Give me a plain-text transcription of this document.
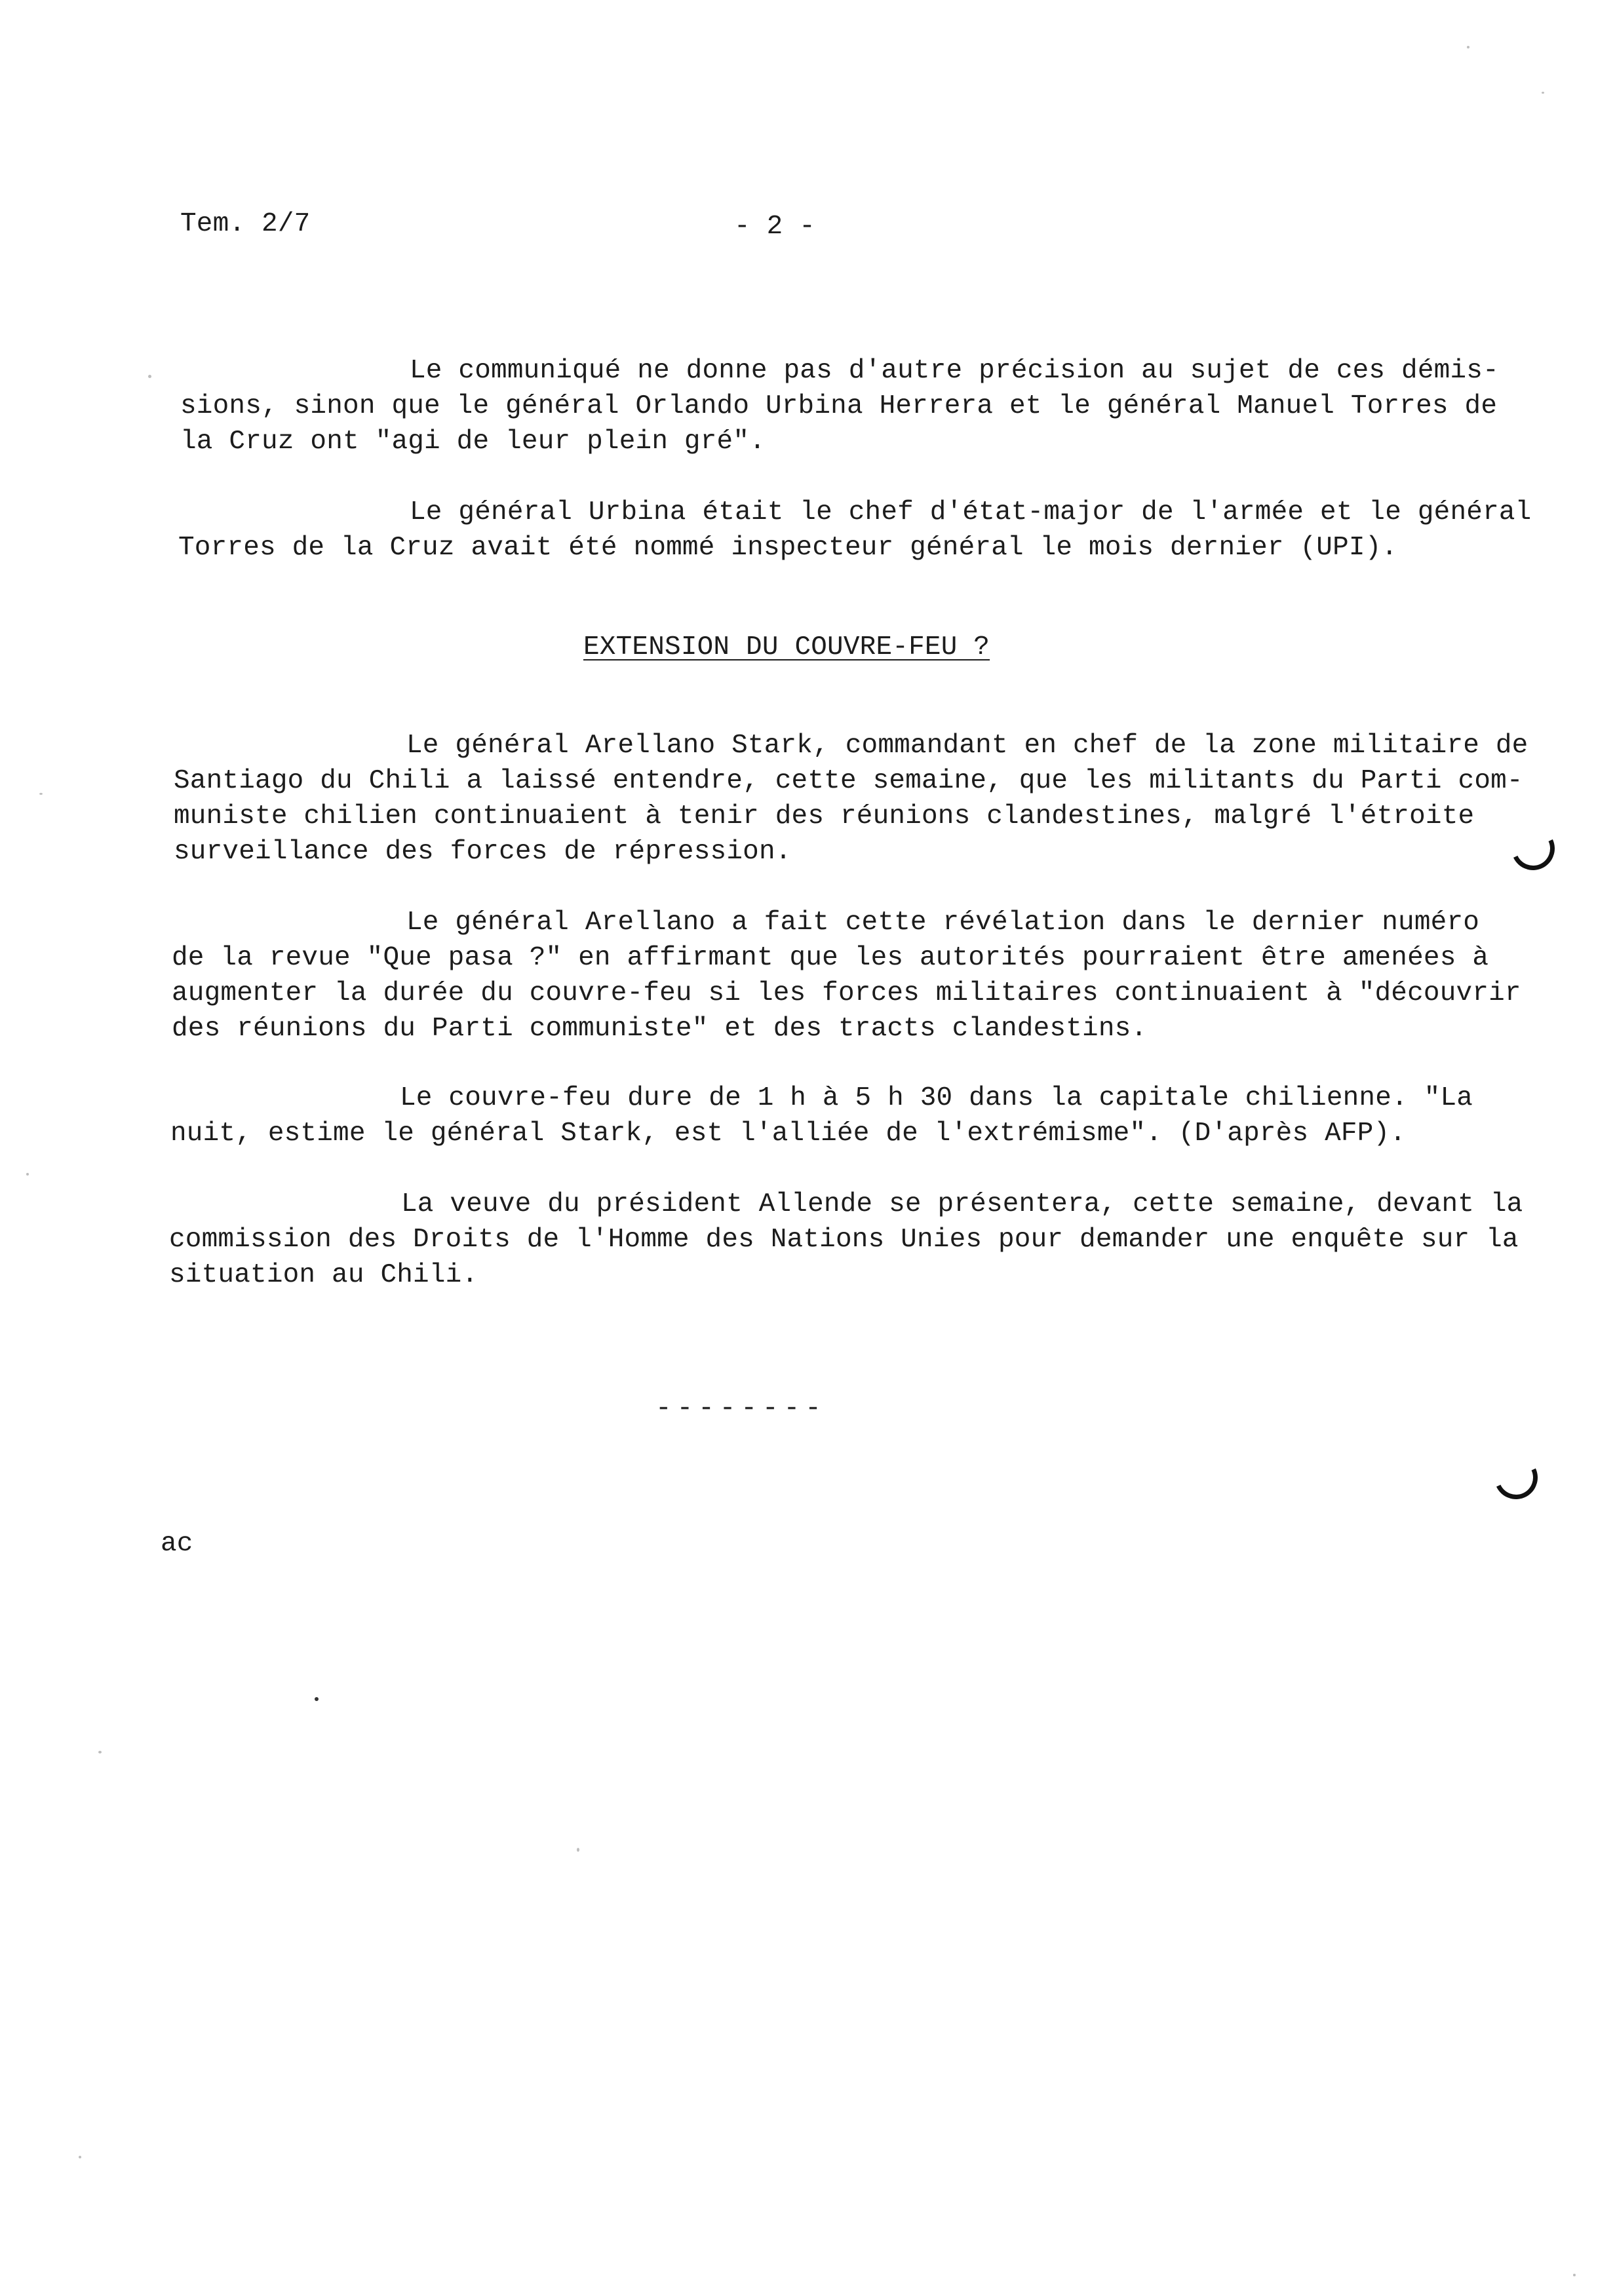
Tem. 2/7	- 2 -
Le communiqué ne donne pas d'autre précision au sujet de ces démis-
sions, sinon que le général Orlando Urbina Herrera et le général Manuel Torres de
la Cruz ont "agi de leur plein gré".
Le général Urbina était le chef d'état-major de l'armée et le général
Torres de la Cruz avait été nommé inspecteur général le mois dernier (UPI).
EXTENSION DU COUVRE-FEU ?
Le général Arellano Stark, commandant en chef de la zone militaire de
Santiago du Chili a laissé entendre, cette semaine, que les militants du Parti com-
muniste chilien continuaient à tenir des réunions clandestines, malgré l'étroite
surveillance des forces de répression.
Le général Arellano a fait cette révélation dans le dernier numéro
de la revue "Que pasa ?" en affirmant que les autorités pourraient être amenées à
augmenter la durée du couvre-feu si les forces militaires continuaient à "découvrir
des réunions du Parti communiste" et des tracts clandestins.
Le couvre-feu dure de 1 h à 5 h 30 dans la capitale chilienne. "La
nuit, estime le général Stark, est l'alliée de l'extrémisme". (D'après AFP).
La veuve du président Allende se présentera, cette semaine, devant la
commission des Droits de l'Homme des Nations Unies pour demander une enquête sur la
situation au Chili.
--------
ac
